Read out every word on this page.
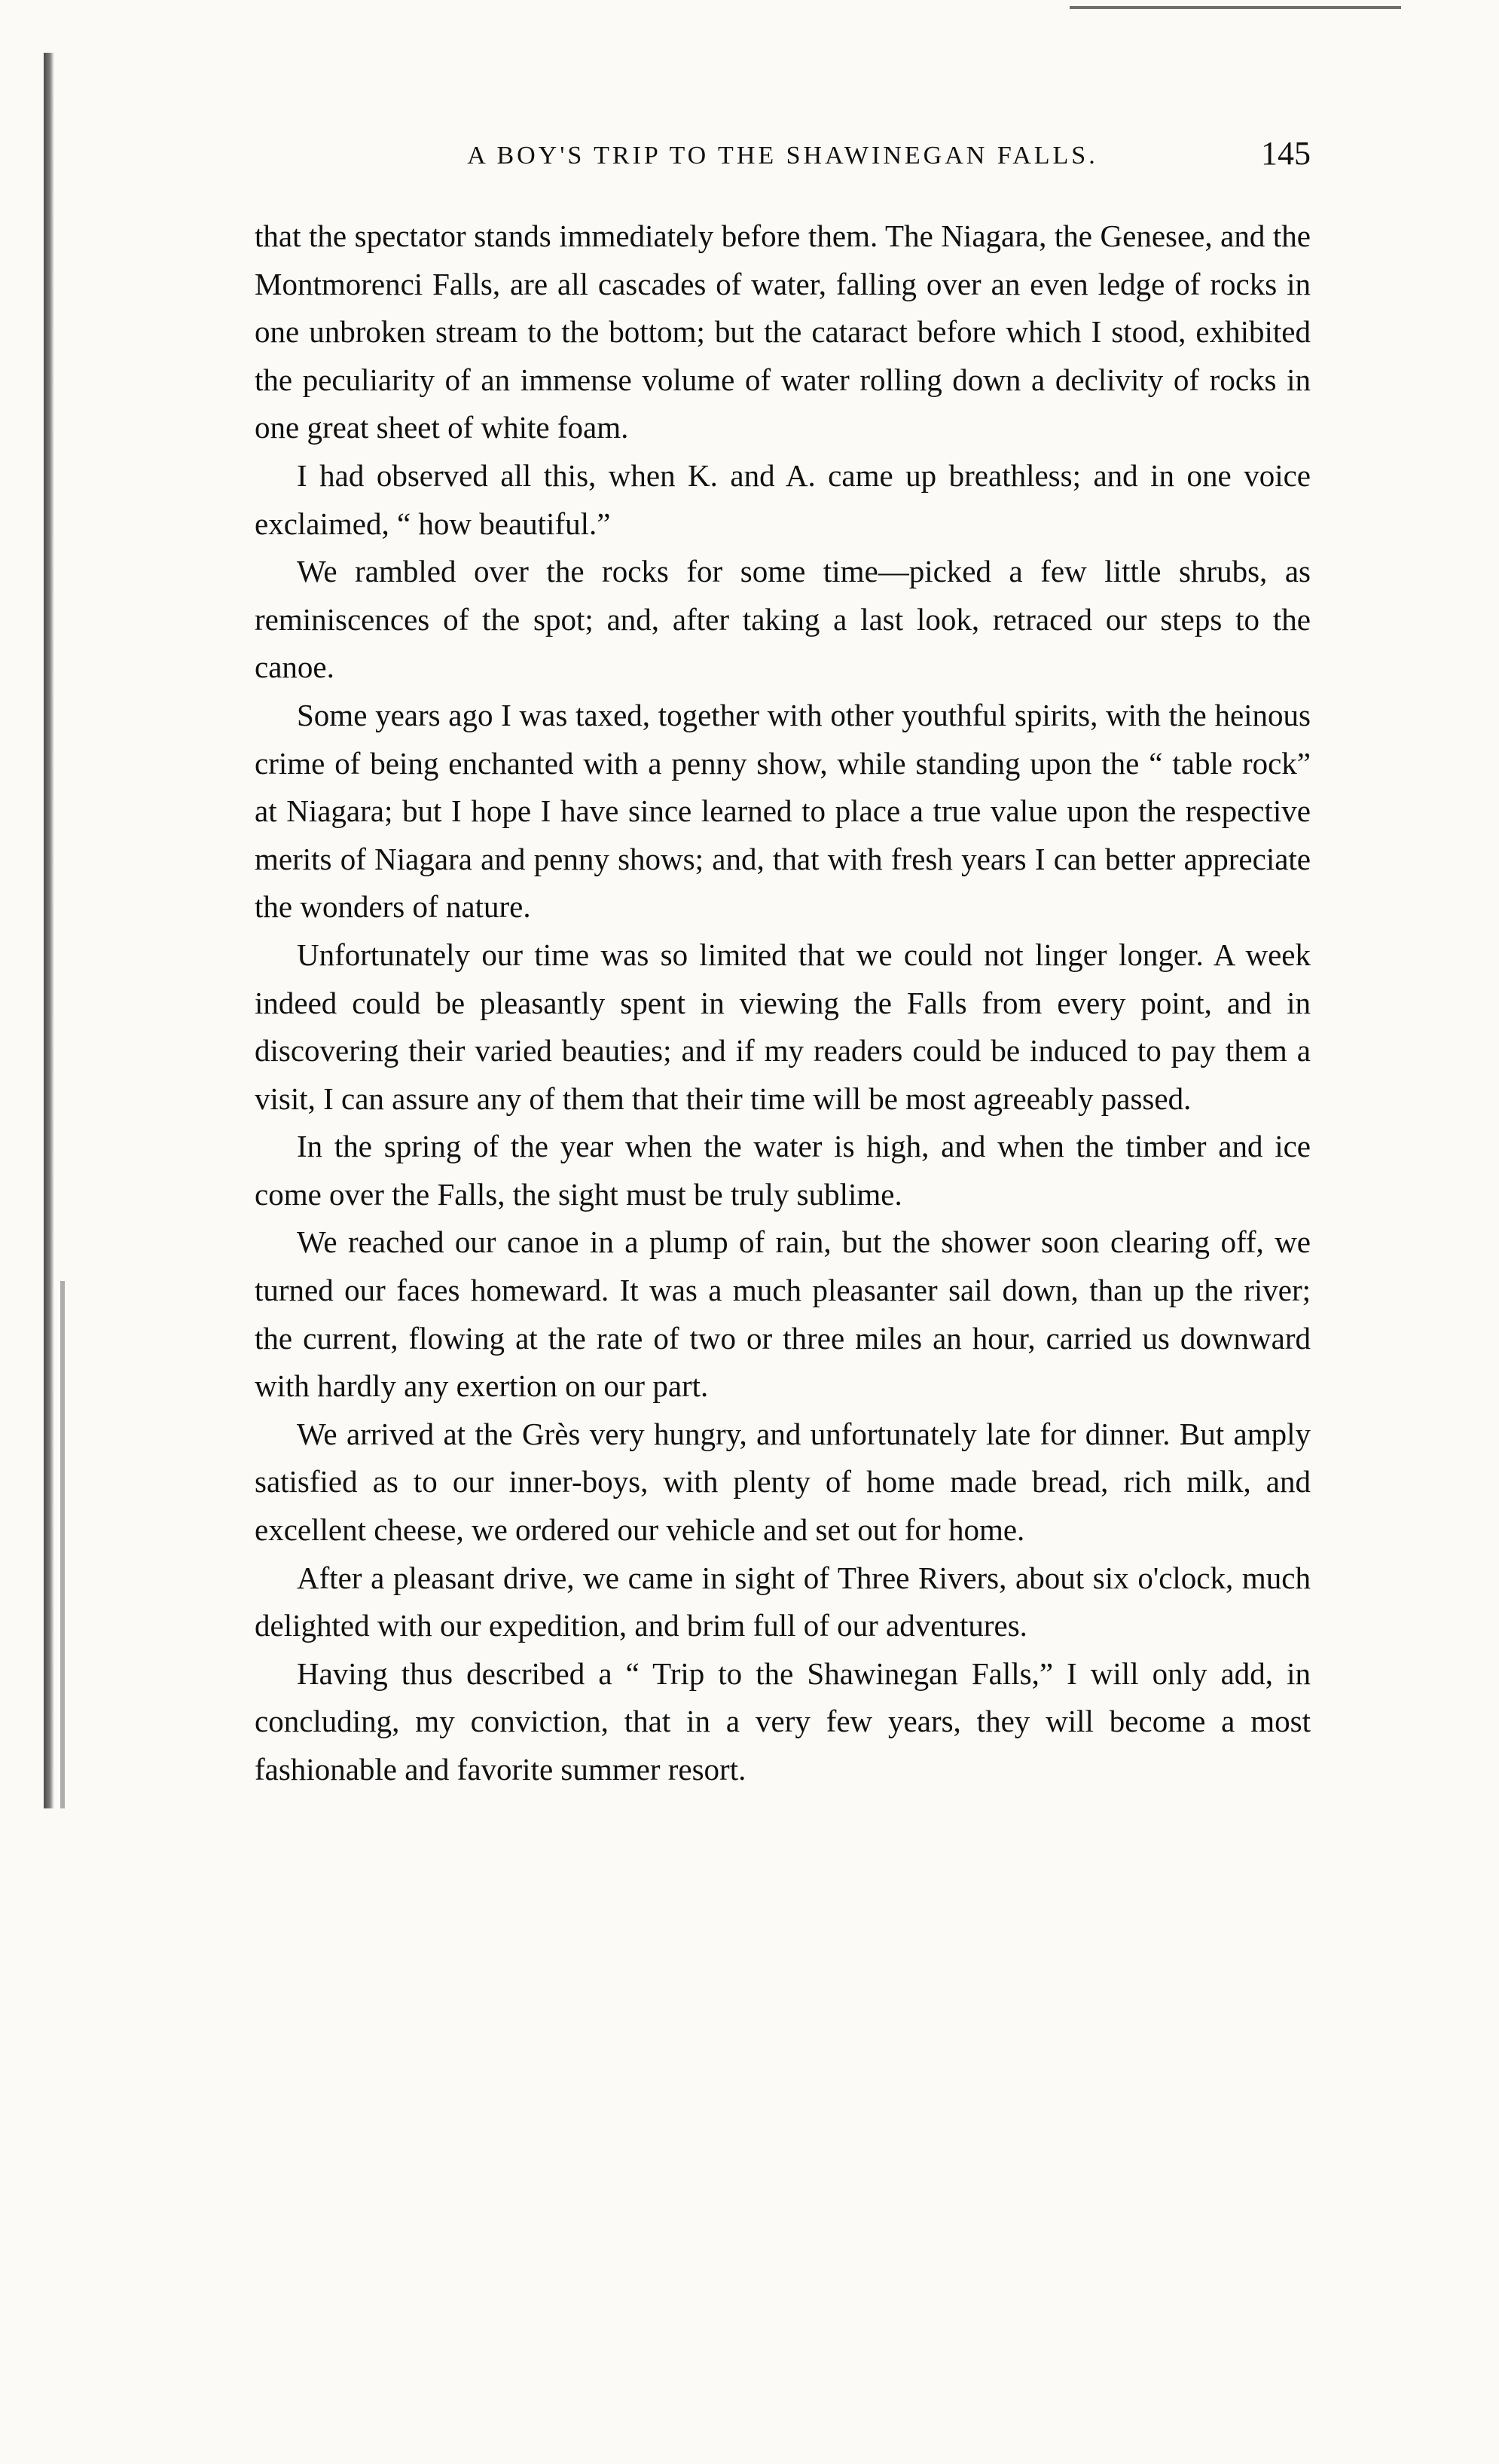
A BOY'S TRIP TO THE SHAWINEGAN FALLS.	145

that the spectator stands immediately before them. The Niagara, the Genesee, and the Montmorenci Falls, are all cascades of water, falling over an even ledge of rocks in one unbroken stream to the bottom; but the cataract before which I stood, exhibited the peculiarity of an immense volume of water rolling down a declivity of rocks in one great sheet of white foam.

I had observed all this, when K. and A. came up breathless; and in one voice exclaimed, “ how beautiful.”

We rambled over the rocks for some time—picked a few little shrubs, as reminiscences of the spot; and, after taking a last look, retraced our steps to the canoe.

Some years ago I was taxed, together with other youthful spirits, with the heinous crime of being enchanted with a penny show, while standing upon the “ table rock” at Niagara; but I hope I have since learned to place a true value upon the respective merits of Niagara and penny shows; and, that with fresh years I can better appreciate the wonders of nature.

Unfortunately our time was so limited that we could not linger longer. A week indeed could be pleasantly spent in viewing the Falls from every point, and in discovering their varied beauties; and if my readers could be induced to pay them a visit, I can assure any of them that their time will be most agreeably passed.

In the spring of the year when the water is high, and when the timber and ice come over the Falls, the sight must be truly sublime.

We reached our canoe in a plump of rain, but the shower soon clearing off, we turned our faces homeward. It was a much pleasanter sail down, than up the river; the current, flowing at the rate of two or three miles an hour, carried us downward with hardly any exertion on our part.

We arrived at the Grès very hungry, and unfortunately late for dinner. But amply satisfied as to our inner-boys, with plenty of home made bread, rich milk, and excellent cheese, we ordered our vehicle and set out for home.

After a pleasant drive, we came in sight of Three Rivers, about six o'clock, much delighted with our expedition, and brim full of our adventures.

Having thus described a “ Trip to the Shawinegan Falls,” I will only add, in concluding, my conviction, that in a very few years, they will become a most fashionable and favorite summer resort.
